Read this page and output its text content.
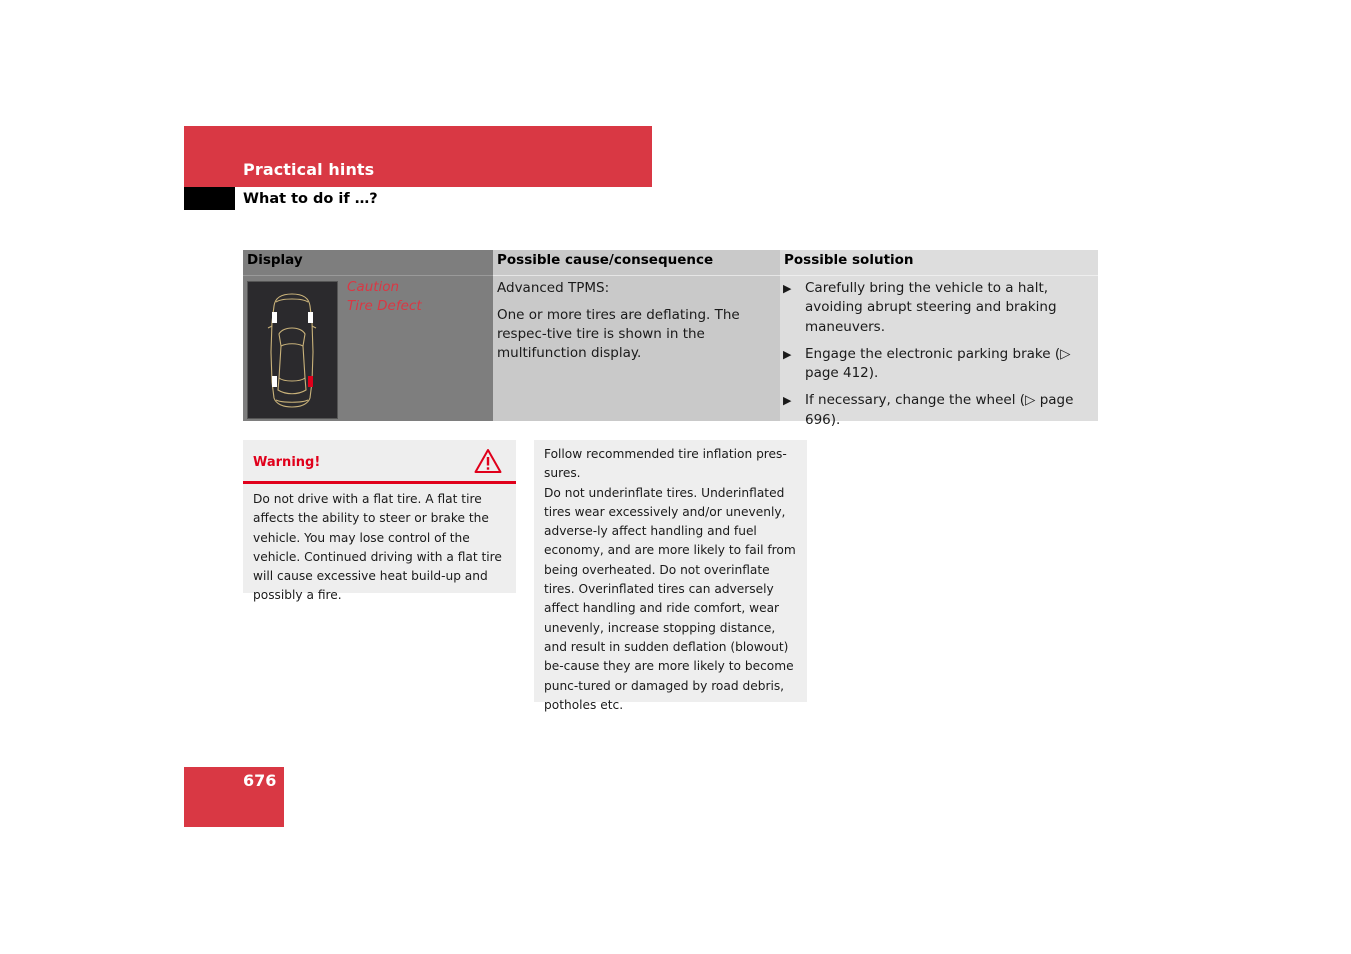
Practical hints
What to do if …?
Display	Possible cause/consequence	Possible solution
Caution
Tire Defect
Advanced TPMS:
One or more tires are deflating. The respec-tive tire is shown in the multifunction display.
▶ Carefully bring the vehicle to a halt, avoiding abrupt steering and braking maneuvers.
▶ Engage the electronic parking brake (▷ page 412).
▶ If necessary, change the wheel (▷ page 696).
Warning!
Do not drive with a flat tire. A flat tire affects the ability to steer or brake the vehicle. You may lose control of the vehicle. Continued driving with a flat tire will cause excessive heat build-up and possibly a fire.
Follow recommended tire inflation pres-sures.
Do not underinflate tires. Underinflated tires wear excessively and/or unevenly, adverse-ly affect handling and fuel economy, and are more likely to fail from being overheated. Do not overinflate tires. Overinflated tires can adversely affect handling and ride comfort, wear unevenly, increase stopping distance, and result in sudden deflation (blowout) be-cause they are more likely to become punc-tured or damaged by road debris, potholes etc.
676
